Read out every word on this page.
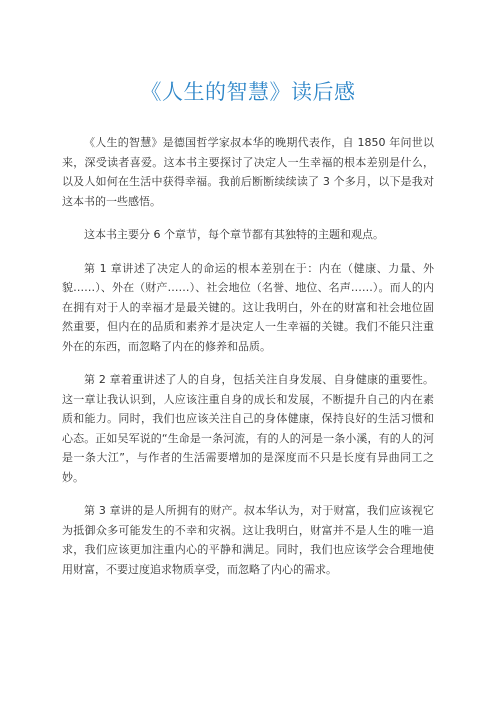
《人生的智慧》读后感

《人生的智慧》是德国哲学家叔本华的晚期代表作，自 1850 年问世以来，深受读者喜爱。这本书主要探讨了决定人一生幸福的根本差别是什么，以及人如何在生活中获得幸福。我前后断断续续读了 3 个多月，以下是我对这本书的一些感悟。

这本书主要分 6 个章节，每个章节都有其独特的主题和观点。

第 1 章讲述了决定人的命运的根本差别在于：内在（健康、力量、外貌……）、外在（财产……）、社会地位（名誉、地位、名声……）。而人的内在拥有对于人的幸福才是最关键的。这让我明白，外在的财富和社会地位固然重要，但内在的品质和素养才是决定人一生幸福的关键。我们不能只注重外在的东西，而忽略了内在的修养和品质。

第 2 章着重讲述了人的自身，包括关注自身发展、自身健康的重要性。这一章让我认识到，人应该注重自身的成长和发展，不断提升自己的内在素质和能力。同时，我们也应该关注自己的身体健康，保持良好的生活习惯和心态。正如吴军说的“生命是一条河流，有的人的河是一条小溪，有的人的河是一条大江”，与作者的生活需要增加的是深度而不只是长度有异曲同工之妙。

第 3 章讲的是人所拥有的财产。叔本华认为，对于财富，我们应该视它为抵御众多可能发生的不幸和灾祸。这让我明白，财富并不是人生的唯一追求，我们应该更加注重内心的平静和满足。同时，我们也应该学会合理地使用财富，不要过度追求物质享受，而忽略了内心的需求。
